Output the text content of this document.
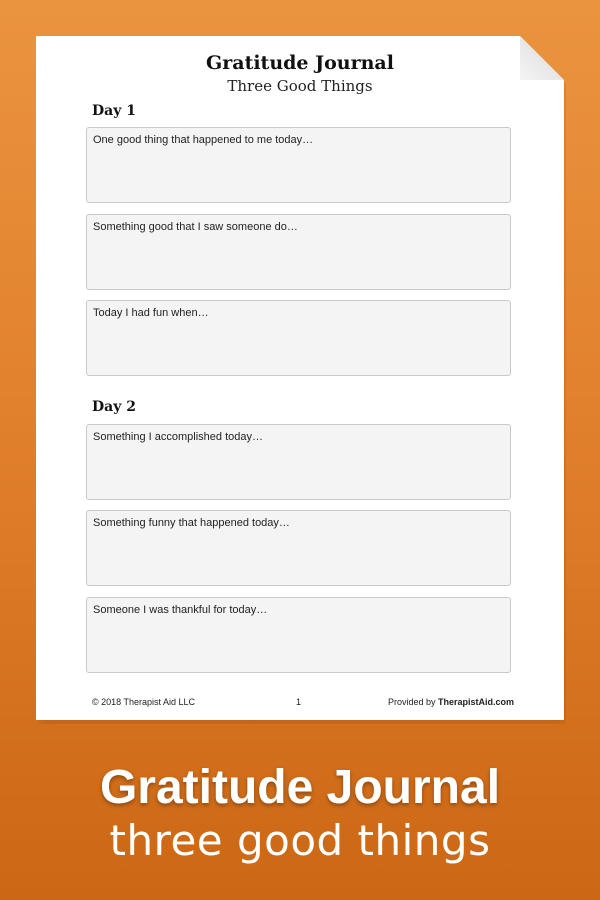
Gratitude Journal
Three Good Things
Day 1
One good thing that happened to me today…
Something good that I saw someone do…
Today I had fun when…
Day 2
Something I accomplished today…
Something funny that happened today…
Someone I was thankful for today…
© 2018 Therapist Aid LLC	1	Provided by TherapistAid.com
Gratitude Journal
three good things
